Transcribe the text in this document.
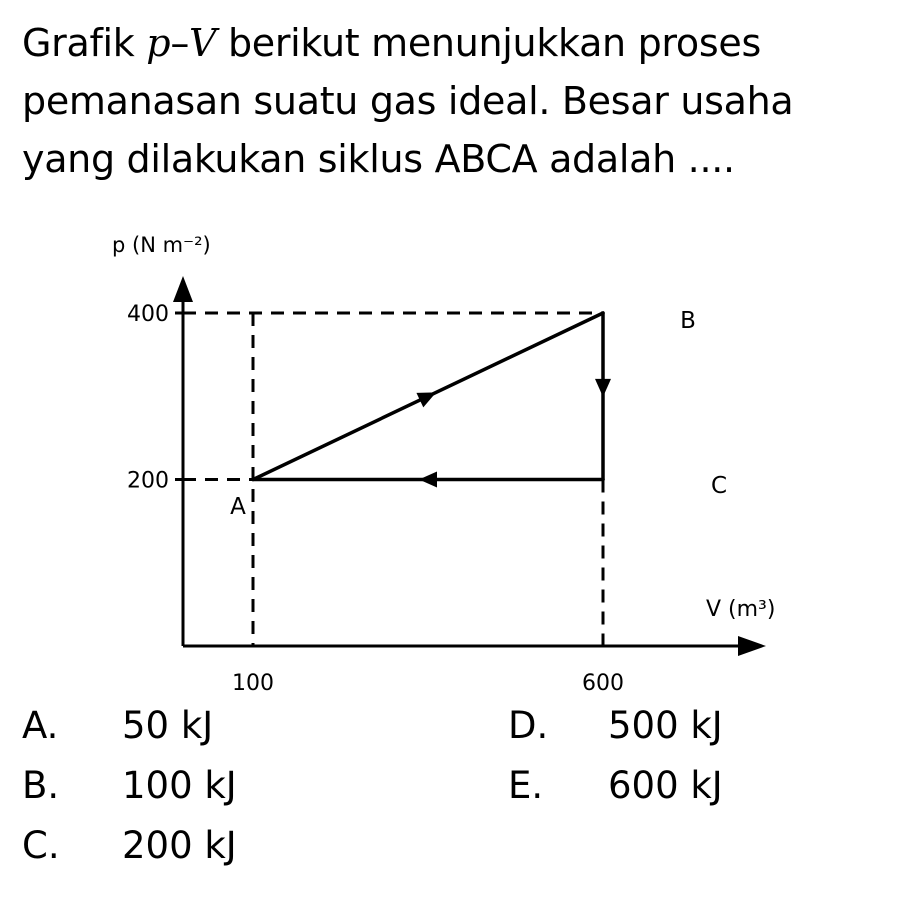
Grafik p–V berikut menunjukkan proses pemanasan suatu gas ideal. Besar usaha yang dilakukan siklus ABCA adalah ....
200
400
100	600
A
B
C
p (N m⁻²)
V (m³)
A. 50 kJ
B. 100 kJ
C. 200 kJ
D. 500 kJ
E. 600 kJ
